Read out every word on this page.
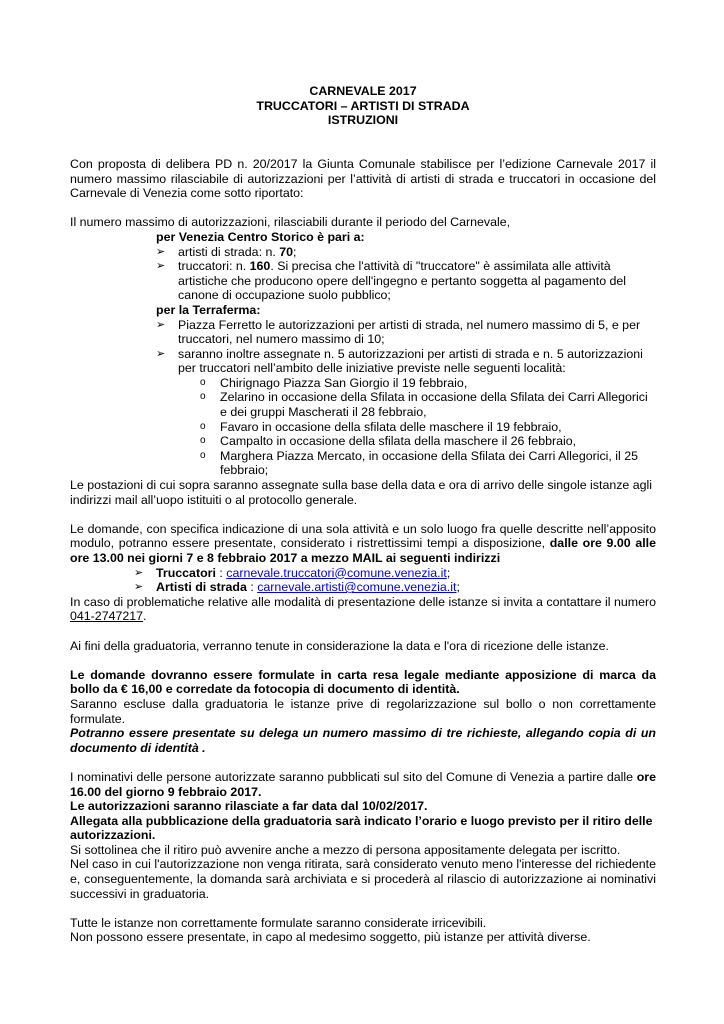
CARNEVALE 2017

TRUCCATORI – ARTISTI DI STRADA

ISTRUZIONI

Con proposta di delibera PD n. 20/2017 la Giunta Comunale stabilisce per l’edizione Carnevale 2017 il numero massimo rilasciabile di autorizzazioni per l’attività di artisti di strada e truccatori in occasione del Carnevale di Venezia come sotto riportato:

Il numero massimo di autorizzazioni, rilasciabili durante il periodo del Carnevale,

per Venezia Centro Storico è pari a:

➢ artisti di strada: n. 70;
➢ truccatori: n. 160. Si precisa che l'attività di "truccatore" è assimilata alle attività artistiche che producono opere dell'ingegno e pertanto soggetta al pagamento del canone di occupazione suolo pubblico;

per la Terraferma:

➢ Piazza Ferretto le autorizzazioni per artisti di strada, nel numero massimo di 5, e per truccatori, nel numero massimo di 10;
➢ saranno inoltre assegnate n. 5 autorizzazioni per artisti di strada e n. 5 autorizzazioni per truccatori nell’ambito delle iniziative previste nelle seguenti località:
o Chirignago Piazza San Giorgio il 19 febbraio,
o Zelarino in occasione della Sfilata in occasione della Sfilata dei Carri Allegorici e dei gruppi Mascherati il 28 febbraio,
o Favaro in occasione della sfilata delle maschere il 19 febbraio,
o Campalto in occasione della sfilata della maschere il 26 febbraio,
o Marghera Piazza Mercato, in occasione della Sfilata dei Carri Allegorici, il 25 febbraio;

Le postazioni di cui sopra saranno assegnate sulla base della data e ora di arrivo delle singole istanze agli indirizzi mail all’uopo istituiti o al protocollo generale.

Le domande, con specifica indicazione di una sola attività e un solo luogo fra quelle descritte nell’apposito modulo, potranno essere presentate, considerato i ristrettissimi tempi a disposizione, dalle ore 9.00 alle ore 13.00 nei giorni 7 e 8 febbraio 2017 a mezzo MAIL ai seguenti indirizzi

➢ Truccatori : carnevale.truccatori@comune.venezia.it;
➢ Artisti di strada : carnevale.artisti@comune.venezia.it;

In caso di problematiche relative alle modalità di presentazione delle istanze si invita a contattare il numero 041-2747217.

Ai fini della graduatoria, verranno tenute in considerazione la data e l'ora di ricezione delle istanze.

Le domande dovranno essere formulate in carta resa legale mediante apposizione di marca da bollo da € 16,00 e corredate da fotocopia di documento di identità.

Saranno escluse dalla graduatoria le istanze prive di regolarizzazione sul bollo o non correttamente formulate.

Potranno essere presentate su delega un numero massimo di tre richieste, allegando copia di un documento di identità .

I nominativi delle persone autorizzate saranno pubblicati sul sito del Comune di Venezia a partire dalle ore 16.00 del giorno 9 febbraio 2017.

Le autorizzazioni saranno rilasciate a far data dal 10/02/2017.

Allegata alla pubblicazione della graduatoria sarà indicato l’orario e luogo previsto per il ritiro delle autorizzazioni.

Si sottolinea che il ritiro può avvenire anche a mezzo di persona appositamente delegata per iscritto.

Nel caso in cui l'autorizzazione non venga ritirata, sarà considerato venuto meno l'interesse del richiedente e, conseguentemente, la domanda sarà archiviata e si procederà al rilascio di autorizzazione ai nominativi successivi in graduatoria.

Tutte le istanze non correttamente formulate saranno considerate irricevibili.

Non possono essere presentate, in capo al medesimo soggetto, più istanze per attività diverse.
